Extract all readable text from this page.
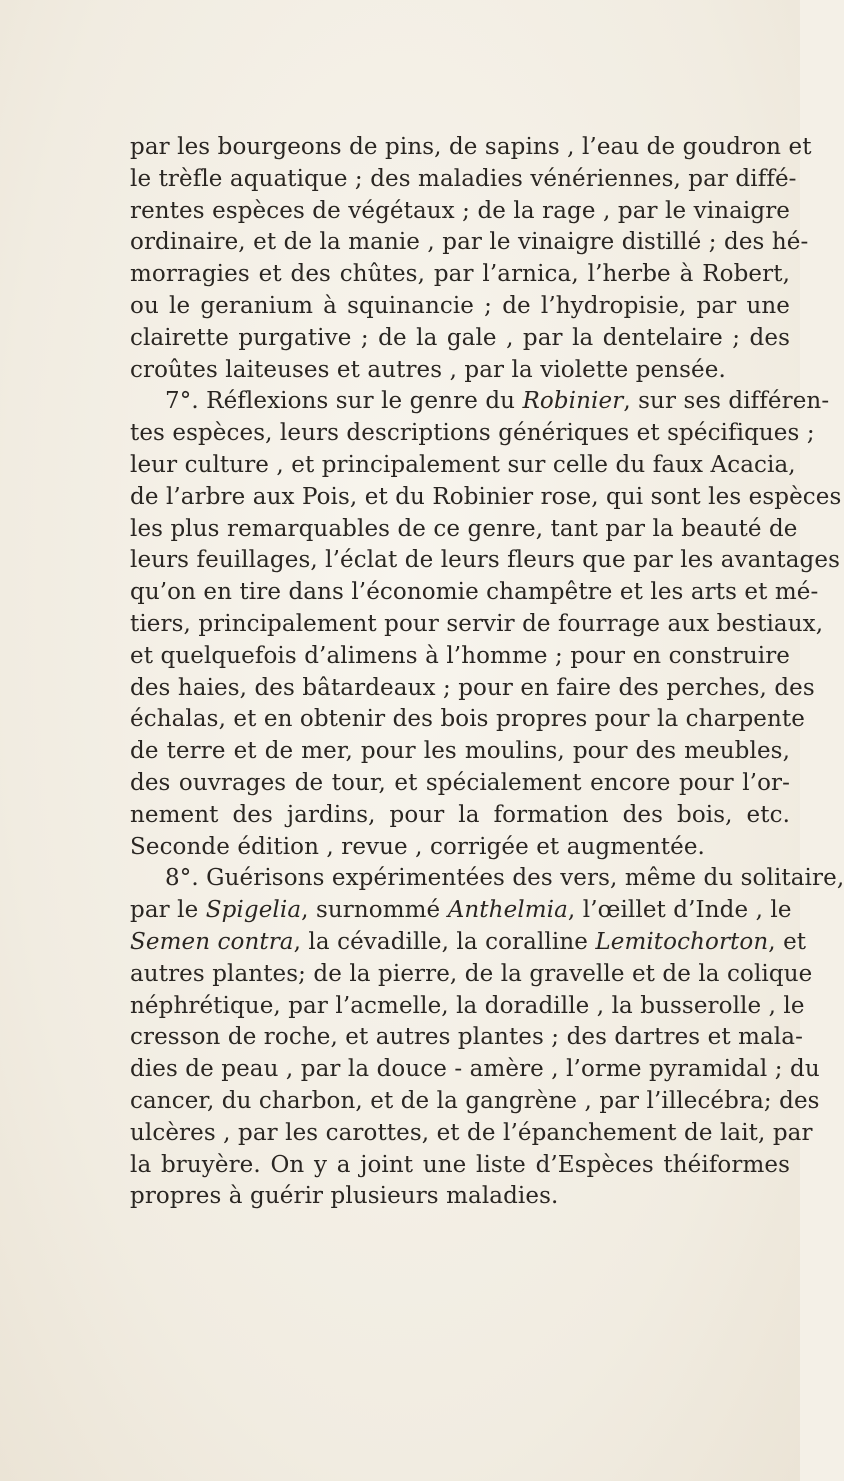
par les bourgeons de pins, de sapins , l’eau de goudron et
le trèfle aquatique ; des maladies vénériennes, par diffé-
rentes espèces de végétaux ; de la rage , par le vinaigre
ordinaire, et de la manie , par le vinaigre distillé ; des hé-
morragies et des chûtes, par l’arnica, l’herbe à Robert,
ou le geranium à squinancie ; de l’hydropisie, par une
clairette purgative ; de la gale , par la dentelaire ; des
croûtes laiteuses et autres , par la violette pensée.
7°. Réflexions sur le genre du Robinier, sur ses différen-
tes espèces, leurs descriptions génériques et spécifiques ;
leur culture , et principalement sur celle du faux Acacia,
de l’arbre aux Pois, et du Robinier rose, qui sont les espèces
les plus remarquables de ce genre, tant par la beauté de
leurs feuillages, l’éclat de leurs fleurs que par les avantages
qu’on en tire dans l’économie champêtre et les arts et mé-
tiers, principalement pour servir de fourrage aux bestiaux,
et quelquefois d’alimens à l’homme ; pour en construire
des haies, des bâtardeaux ; pour en faire des perches, des
échalas, et en obtenir des bois propres pour la charpente
de terre et de mer, pour les moulins, pour des meubles,
des ouvrages de tour, et spécialement encore pour l’or-
nement des jardins, pour la formation des bois, etc.
Seconde édition , revue , corrigée et augmentée.
8°. Guérisons expérimentées des vers, même du solitaire,
par le Spigelia, surnommé Anthelmia, l’œillet d’Inde , le
Semen contra, la cévadille, la coralline Lemitochorton, et
autres plantes; de la pierre, de la gravelle et de la colique
néphrétique, par l’acmelle, la doradille , la busserolle , le
cresson de roche, et autres plantes ; des dartres et mala-
dies de peau , par la douce - amère , l’orme pyramidal ; du
cancer, du charbon, et de la gangrène , par l’illecébra; des
ulcères , par les carottes, et de l’épanchement de lait, par
la bruyère. On y a joint une liste d’Espèces théiformes
propres à guérir plusieurs maladies.
